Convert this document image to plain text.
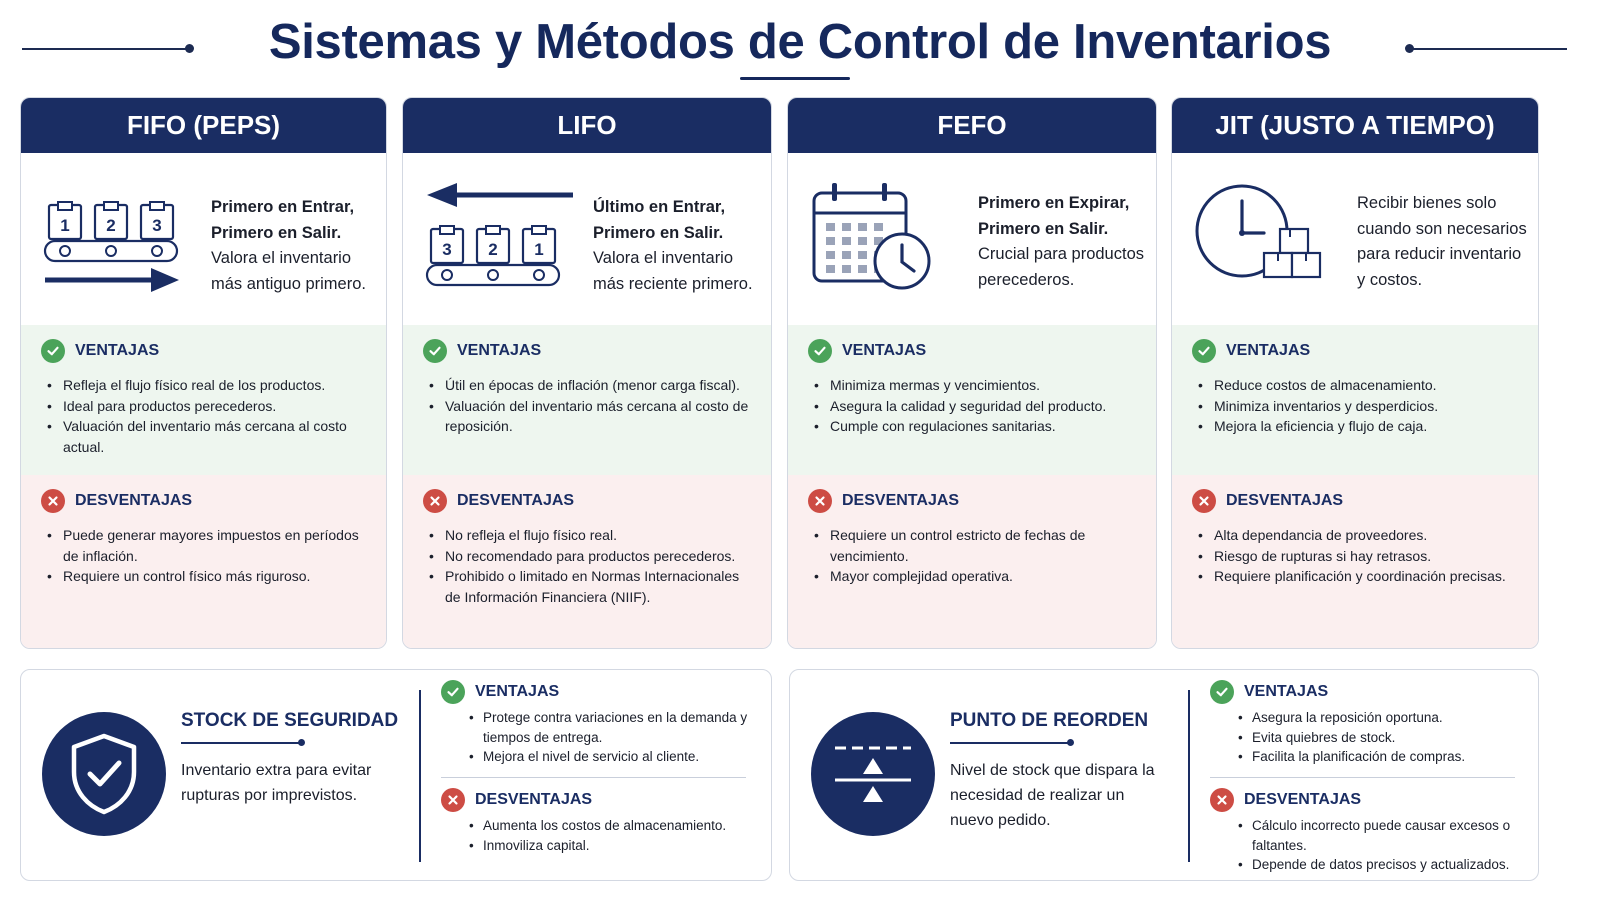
Sistemas y Métodos de Control de Inventarios
FIFO (PEPS)
1 2 3
Primero en Entrar,
Primero en Salir.
Valora el inventario
más antiguo primero.
VENTAJAS
• Refleja el flujo físico real de los productos.
• Ideal para productos perecederos.
• Valuación del inventario más cercana al costo actual.
DESVENTAJAS
• Puede generar mayores impuestos en períodos de inflación.
• Requiere un control físico más riguroso.
LIFO
3 2 1
Último en Entrar,
Primero en Salir.
Valora el inventario
más reciente primero.
VENTAJAS
• Útil en épocas de inflación (menor carga fiscal).
• Valuación del inventario más cercana al costo de reposición.
DESVENTAJAS
• No refleja el flujo físico real.
• No recomendado para productos perecederos.
• Prohibido o limitado en Normas Internacionales de Información Financiera (NIIF).
FEFO
Primero en Expirar,
Primero en Salir.
Crucial para productos
perecederos.
VENTAJAS
• Minimiza mermas y vencimientos.
• Asegura la calidad y seguridad del producto.
• Cumple con regulaciones sanitarias.
DESVENTAJAS
• Requiere un control estricto de fechas de vencimiento.
• Mayor complejidad operativa.
JIT (JUSTO A TIEMPO)
Recibir bienes solo
cuando son necesarios
para reducir inventario
y costos.
VENTAJAS
• Reduce costos de almacenamiento.
• Minimiza inventarios y desperdicios.
• Mejora la eficiencia y flujo de caja.
DESVENTAJAS
• Alta dependancia de proveedores.
• Riesgo de rupturas si hay retrasos.
• Requiere planificación y coordinación precisas.
STOCK DE SEGURIDAD
Inventario extra para evitar rupturas por imprevistos.
VENTAJAS
• Protege contra variaciones en la demanda y tiempos de entrega.
• Mejora el nivel de servicio al cliente.
DESVENTAJAS
• Aumenta los costos de almacenamiento.
• Inmoviliza capital.
PUNTO DE REORDEN
Nivel de stock que dispara la necesidad de realizar un nuevo pedido.
VENTAJAS
• Asegura la reposición oportuna.
• Evita quiebres de stock.
• Facilita la planificación de compras.
DESVENTAJAS
• Cálculo incorrecto puede causar excesos o faltantes.
• Depende de datos precisos y actualizados.
